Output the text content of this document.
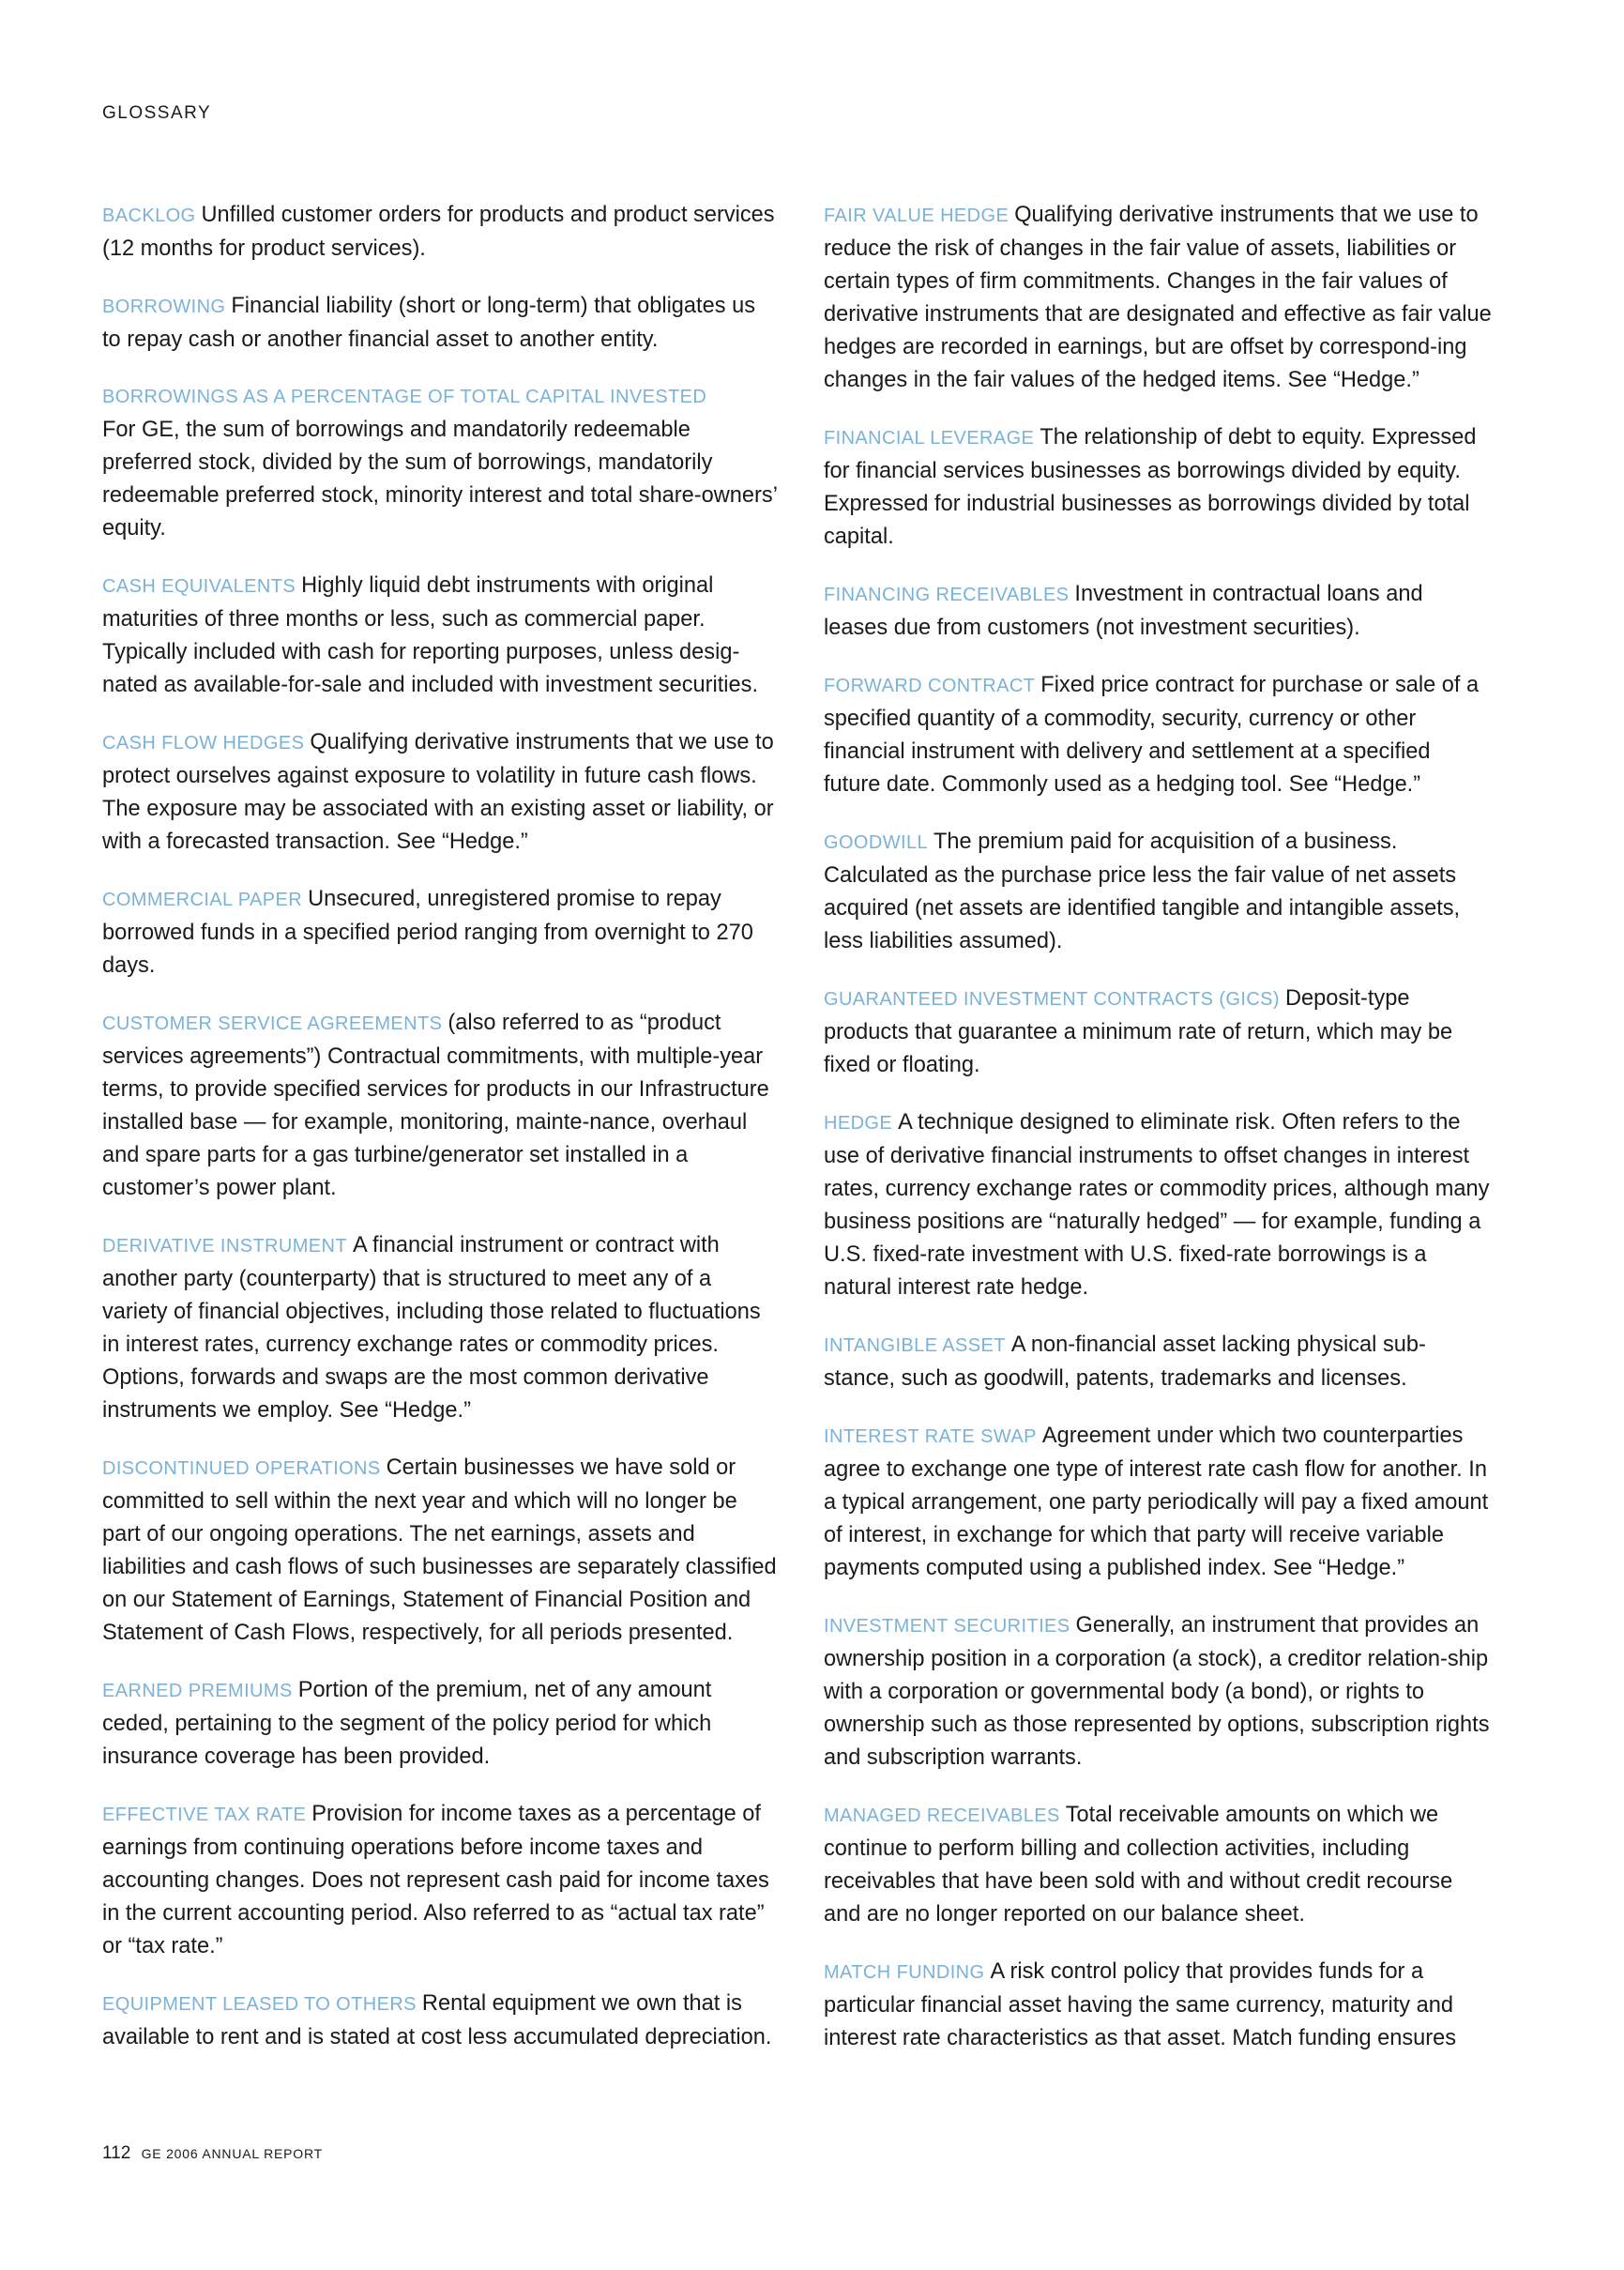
GLOSSARY

BACKLOG Unfilled customer orders for products and product services (12 months for product services).

BORROWING Financial liability (short or long-term) that obligates us to repay cash or another financial asset to another entity.

BORROWINGS AS A PERCENTAGE OF TOTAL CAPITAL INVESTED
For GE, the sum of borrowings and mandatorily redeemable preferred stock, divided by the sum of borrowings, mandatorily redeemable preferred stock, minority interest and total share-owners’ equity.

CASH EQUIVALENTS Highly liquid debt instruments with original maturities of three months or less, such as commercial paper. Typically included with cash for reporting purposes, unless desig-nated as available-for-sale and included with investment securities.

CASH FLOW HEDGES Qualifying derivative instruments that we use to protect ourselves against exposure to volatility in future cash flows. The exposure may be associated with an existing asset or liability, or with a forecasted transaction. See “Hedge.”

COMMERCIAL PAPER Unsecured, unregistered promise to repay borrowed funds in a specified period ranging from overnight to 270 days.

CUSTOMER SERVICE AGREEMENTS (also referred to as “product services agreements”) Contractual commitments, with multiple-year terms, to provide specified services for products in our Infrastructure installed base — for example, monitoring, mainte-nance, overhaul and spare parts for a gas turbine/generator set installed in a customer’s power plant.

DERIVATIVE INSTRUMENT A financial instrument or contract with another party (counterparty) that is structured to meet any of a variety of financial objectives, including those related to fluctuations in interest rates, currency exchange rates or commodity prices. Options, forwards and swaps are the most common derivative instruments we employ. See “Hedge.”

DISCONTINUED OPERATIONS Certain businesses we have sold or committed to sell within the next year and which will no longer be part of our ongoing operations. The net earnings, assets and liabilities and cash flows of such businesses are separately classified on our Statement of Earnings, Statement of Financial Position and Statement of Cash Flows, respectively, for all periods presented.

EARNED PREMIUMS Portion of the premium, net of any amount ceded, pertaining to the segment of the policy period for which insurance coverage has been provided.

EFFECTIVE TAX RATE Provision for income taxes as a percentage of earnings from continuing operations before income taxes and accounting changes. Does not represent cash paid for income taxes in the current accounting period. Also referred to as “actual tax rate” or “tax rate.”

EQUIPMENT LEASED TO OTHERS Rental equipment we own that is available to rent and is stated at cost less accumulated depreciation.

FAIR VALUE HEDGE Qualifying derivative instruments that we use to reduce the risk of changes in the fair value of assets, liabilities or certain types of firm commitments. Changes in the fair values of derivative instruments that are designated and effective as fair value hedges are recorded in earnings, but are offset by correspond-ing changes in the fair values of the hedged items. See “Hedge.”

FINANCIAL LEVERAGE The relationship of debt to equity. Expressed for financial services businesses as borrowings divided by equity. Expressed for industrial businesses as borrowings divided by total capital.

FINANCING RECEIVABLES Investment in contractual loans and leases due from customers (not investment securities).

FORWARD CONTRACT Fixed price contract for purchase or sale of a specified quantity of a commodity, security, currency or other financial instrument with delivery and settlement at a specified future date. Commonly used as a hedging tool. See “Hedge.”

GOODWILL The premium paid for acquisition of a business. Calculated as the purchase price less the fair value of net assets acquired (net assets are identified tangible and intangible assets, less liabilities assumed).

GUARANTEED INVESTMENT CONTRACTS (GICS) Deposit-type products that guarantee a minimum rate of return, which may be fixed or floating.

HEDGE A technique designed to eliminate risk. Often refers to the use of derivative financial instruments to offset changes in interest rates, currency exchange rates or commodity prices, although many business positions are “naturally hedged” — for example, funding a U.S. fixed-rate investment with U.S. fixed-rate borrowings is a natural interest rate hedge.

INTANGIBLE ASSET A non-financial asset lacking physical sub-stance, such as goodwill, patents, trademarks and licenses.

INTEREST RATE SWAP Agreement under which two counterparties agree to exchange one type of interest rate cash flow for another. In a typical arrangement, one party periodically will pay a fixed amount of interest, in exchange for which that party will receive variable payments computed using a published index. See “Hedge.”

INVESTMENT SECURITIES Generally, an instrument that provides an ownership position in a corporation (a stock), a creditor relation-ship with a corporation or governmental body (a bond), or rights to ownership such as those represented by options, subscription rights and subscription warrants.

MANAGED RECEIVABLES Total receivable amounts on which we continue to perform billing and collection activities, including receivables that have been sold with and without credit recourse and are no longer reported on our balance sheet.

MATCH FUNDING A risk control policy that provides funds for a particular financial asset having the same currency, maturity and interest rate characteristics as that asset. Match funding ensures

112 GE 2006 ANNUAL REPORT
